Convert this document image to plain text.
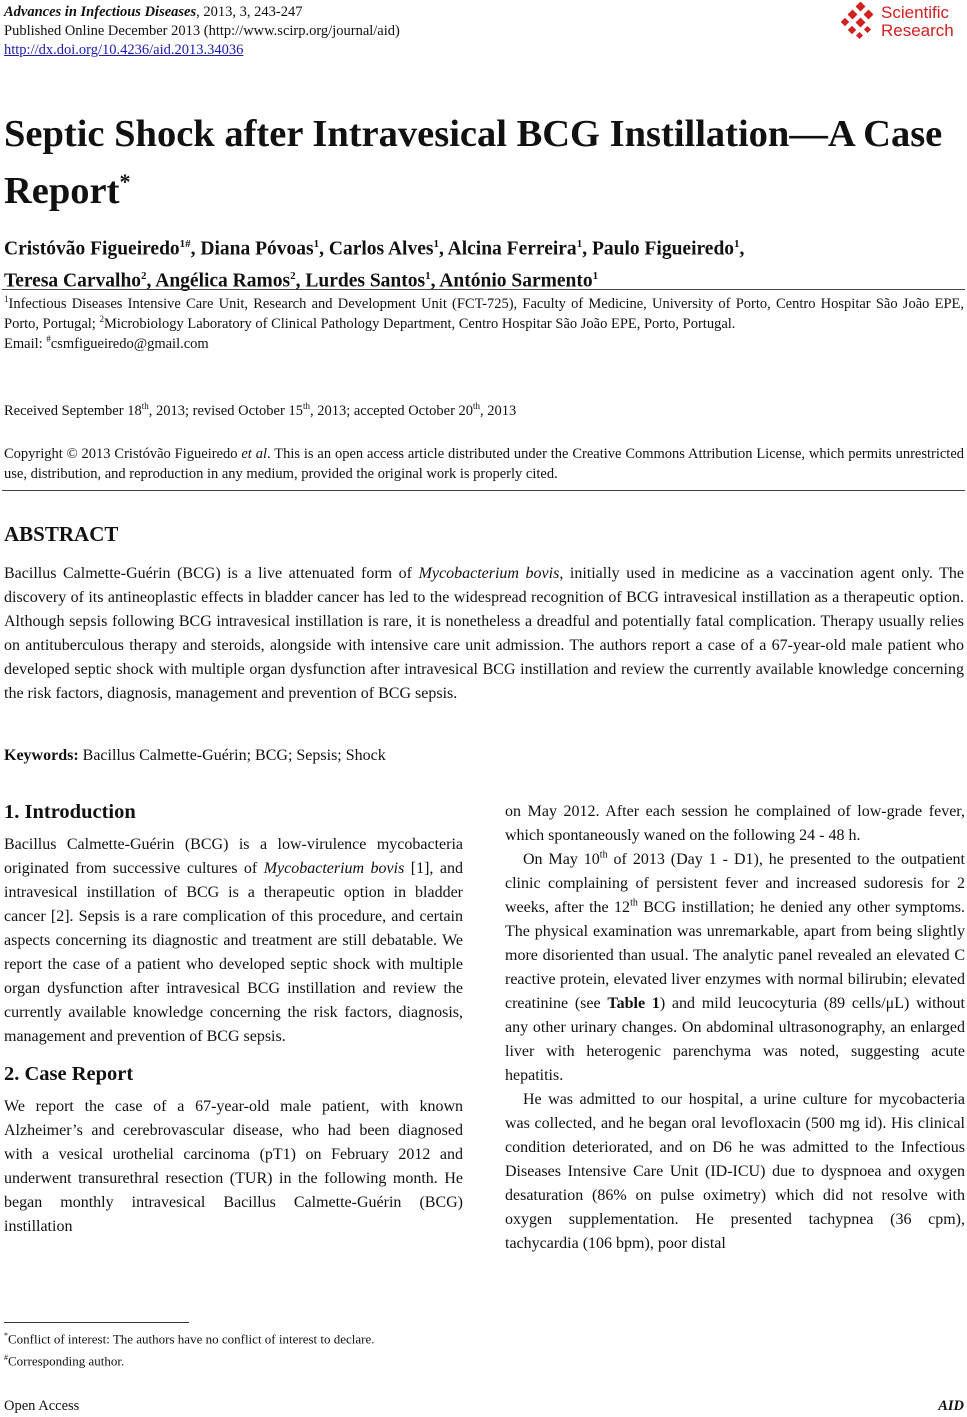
Advances in Infectious Diseases, 2013, 3, 243-247
Published Online December 2013 (http://www.scirp.org/journal/aid)
http://dx.doi.org/10.4236/aid.2013.34036
Scientific
Research
Septic Shock after Intravesical BCG Instillation—A Case Report*
Cristóvão Figueiredo$^{1\#}$, Diana Póvoas$^1$, Carlos Alves$^1$, Alcina Ferreira$^1$, Paulo Figueiredo$^1$,
Teresa Carvalho$^2$, Angélica Ramos$^2$, Lurdes Santos$^1$, António Sarmento$^1$
$^1$Infectious Diseases Intensive Care Unit, Research and Development Unit (FCT-725), Faculty of Medicine, University of Porto, Centro Hospitar São João EPE, Porto, Portugal; $^2$Microbiology Laboratory of Clinical Pathology Department, Centro Hospitar São João EPE, Porto, Portugal.
Email: #csmfigueiredo@gmail.com
Received September 18th, 2013; revised October 15th, 2013; accepted October 20th, 2013
Copyright © 2013 Cristóvão Figueiredo et al. This is an open access article distributed under the Creative Commons Attribution License, which permits unrestricted use, distribution, and reproduction in any medium, provided the original work is properly cited.
ABSTRACT
Bacillus Calmette-Guérin (BCG) is a live attenuated form of Mycobacterium bovis, initially used in medicine as a vaccination agent only. The discovery of its antineoplastic effects in bladder cancer has led to the widespread recognition of BCG intravesical instillation as a therapeutic option. Although sepsis following BCG intravesical instillation is rare, it is nonetheless a dreadful and potentially fatal complication. Therapy usually relies on antituberculous therapy and steroids, alongside with intensive care unit admission. The authors report a case of a 67-year-old male patient who developed septic shock with multiple organ dysfunction after intravesical BCG instillation and review the currently available knowledge concerning the risk factors, diagnosis, management and prevention of BCG sepsis.
Keywords: Bacillus Calmette-Guérin; BCG; Sepsis; Shock
1. Introduction

Bacillus Calmette-Guérin (BCG) is a low-virulence mycobacteria originated from successive cultures of Mycobacterium bovis [1], and intravesical instillation of BCG is a therapeutic option in bladder cancer [2]. Sepsis is a rare complication of this procedure, and certain aspects concerning its diagnostic and treatment are still debatable. We report the case of a patient who developed septic shock with multiple organ dysfunction after intravesical BCG instillation and review the currently available knowledge concerning the risk factors, diagnosis, management and prevention of BCG sepsis.

2. Case Report

We report the case of a 67-year-old male patient, with known Alzheimer’s and cerebrovascular disease, who had been diagnosed with a vesical urothelial carcinoma (pT1) on February 2012 and underwent transurethral resection (TUR) in the following month. He began monthly intravesical Bacillus Calmette-Guérin (BCG) instillation

on May 2012. After each session he complained of low-grade fever, which spontaneously waned on the following 24 - 48 h.

On May 10th of 2013 (Day 1 - D1), he presented to the outpatient clinic complaining of persistent fever and increased sudoresis for 2 weeks, after the 12th BCG instillation; he denied any other symptoms. The physical examination was unremarkable, apart from being slightly more disoriented than usual. The analytic panel revealed an elevated C reactive protein, elevated liver enzymes with normal bilirubin; elevated creatinine (see Table 1) and mild leucocyturia (89 cells/μL) without any other urinary changes. On abdominal ultrasonography, an enlarged liver with heterogenic parenchyma was noted, suggesting acute hepatitis.

He was admitted to our hospital, a urine culture for mycobacteria was collected, and he began oral levofloxacin (500 mg id). His clinical condition deteriorated, and on D6 he was admitted to the Infectious Diseases Intensive Care Unit (ID-ICU) due to dyspnoea and oxygen desaturation (86% on pulse oximetry) which did not resolve with oxygen supplementation. He presented tachypnea (36 cpm), tachycardia (106 bpm), poor distal

*Conflict of interest: The authors have no conflict of interest to declare.
#Corresponding author.
Open Access	AID
